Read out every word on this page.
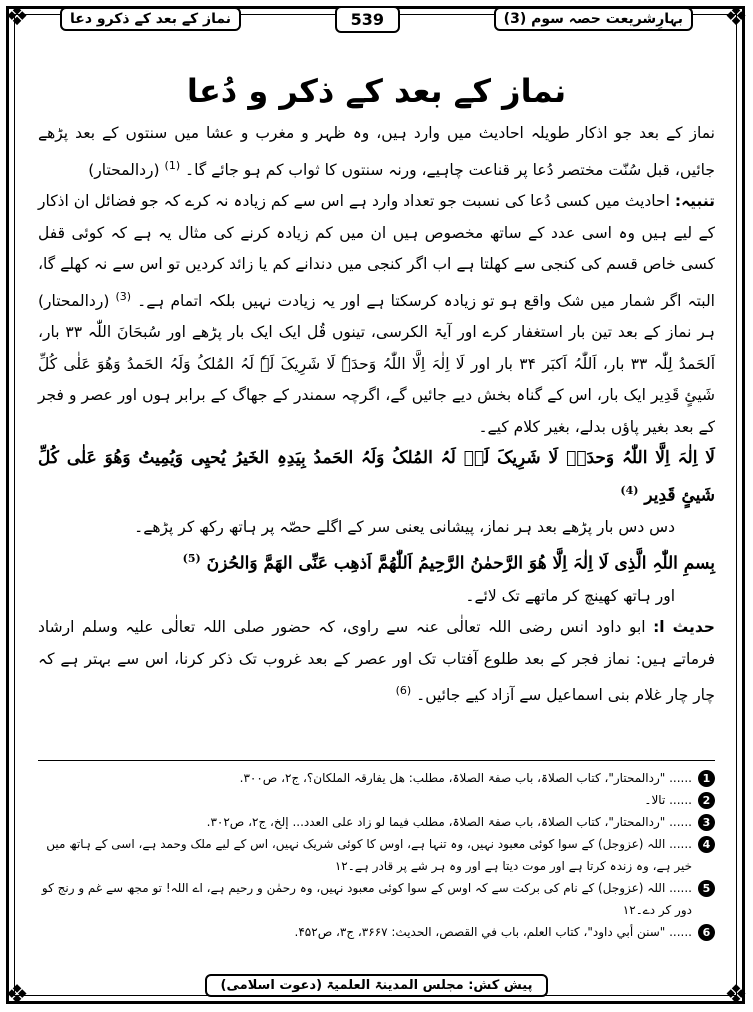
❖	❖
❖	❖
نماز کے بعد کے ذکرو دعا	539	بہارِشریعت حصہ سوم (3)
نماز کے بعد کے ذکر و دُعا

نماز کے بعد جو اذکار طویلہ احادیث میں وارد ہیں، وہ ظہر و مغرب و عشا میں سنتوں کے بعد پڑھے جائیں، قبل سُنّت مختصر دُعا پر قناعت چاہیے، ورنہ سنتوں کا ثواب کم ہو جائے گا۔ $^{(1)}$ (ردالمحتار)

تنبیہ: احادیث میں کسی دُعا کی نسبت جو تعداد وارد ہے اس سے کم زیادہ نہ کرے کہ جو فضائل ان اذکار کے لیے ہیں وہ اسی عدد کے ساتھ مخصوص ہیں ان میں کم زیادہ کرنے کی مثال یہ ہے کہ کوئی قفل کسی خاص قسم کی کنجی سے کھلتا ہے اب اگر کنجی میں دندانے کم یا زائد کردیں تو اس سے نہ کھلے گا، البتہ اگر شمار میں شک واقع ہو تو زیادہ کرسکتا ہے اور یہ زیادت نہیں بلکہ اتمام ہے۔ $^{(3)}$ (ردالمحتار) ہر نماز کے بعد تین بار استغفار کرے اور آیۃ الکرسی، تینوں قُل ایک ایک بار پڑھے اور سُبحَانَ اللّٰہ ۳۳ بار، اَلحَمدُ لِلّٰہ ۳۳ بار، اَللّٰہُ اَکبَر ۳۴ بار اور لَا اِلٰہَ اِلَّا اللّٰہُ وَحدَہٗ لَا شَرِیکَ لَہٗ لَہُ المُلکُ وَلَہُ الحَمدُ وَھُوَ عَلٰی کُلِّ شَیئٍ قَدِیر ایک بار، اس کے گناہ بخش دیے جائیں گے، اگرچہ سمندر کے جھاگ کے برابر ہوں اور عصر و فجر کے بعد بغیر پاؤں بدلے، بغیر کلام کیے۔

لَا اِلٰہَ اِلَّا اللّٰہُ وَحدَہٗ لَا شَرِیکَ لَہٗ لَہُ المُلکُ وَلَہُ الحَمدُ بِیَدِہِ الخَیرُ یُحیِی وَیُمِیتُ وَھُوَ عَلٰی کُلِّ شَیئٍ قَدِیر $^{(4)}$

دس دس بار پڑھے بعد ہر نماز، پیشانی یعنی سر کے اگلے حصّہ پر ہاتھ رکھ کر پڑھے۔

بِسمِ اللّٰہِ الَّذِی لَا اِلٰہَ اِلَّا ھُوَ الرَّحمٰنُ الرَّحِیمُ اَللّٰھُمَّ اَذھِب عَنِّی الھَمَّ وَالحُزنَ $^{(5)}$

اور ہاتھ کھینچ کر ماتھے تک لائے۔

حدیث ا: ابو داود انس رضی اللہ تعالٰی عنہ سے راوی، کہ حضور صلی اللہ تعالٰی علیہ وسلم ارشاد فرماتے ہیں: نماز فجر کے بعد طلوع آفتاب تک اور عصر کے بعد غروب تک ذکر کرنا، اس سے بہتر ہے کہ چار چار غلام بنی اسماعیل سے آزاد کیے جائیں۔ $^{(6)}$

1
...... "ردالمحتار"، کتاب الصلاۃ، باب صفۃ الصلاۃ، مطلب: ھل یفارقہ الملکان؟، ج۲، ص۳۰۰.
2
...... تالا۔
3
...... "ردالمحتار"، کتاب الصلاۃ، باب صفۃ الصلاۃ، مطلب فیما لو زاد علی العدد... إلخ، ج۲، ص۳۰۲.
4
...... اللہ (عزوجل) کے سوا کوئی معبود نہیں، وہ تنہا ہے، اوس کا کوئی شریک نہیں، اس کے لیے ملک وحمد ہے، اسی کے ہاتھ میں خیر ہے، وہ زندہ کرتا ہے اور موت دیتا ہے اور وہ ہر شے پر قادر ہے۔۱۲
5
...... اللہ (عزوجل) کے نام کی برکت سے کہ اوس کے سوا کوئی معبود نہیں، وہ رحمٰن و رحیم ہے، اے اللہ! تو مجھ سے غم و رنج کو دور کر دے۔۱۲
6
...... "سنن أبي داود"، کتاب العلم، باب في القصص، الحدیث: ۳۶۶۷، ج۳، ص۴۵۲.
پیش کش: مجلس المدینۃ العلمیۃ (دعوت اسلامی)
